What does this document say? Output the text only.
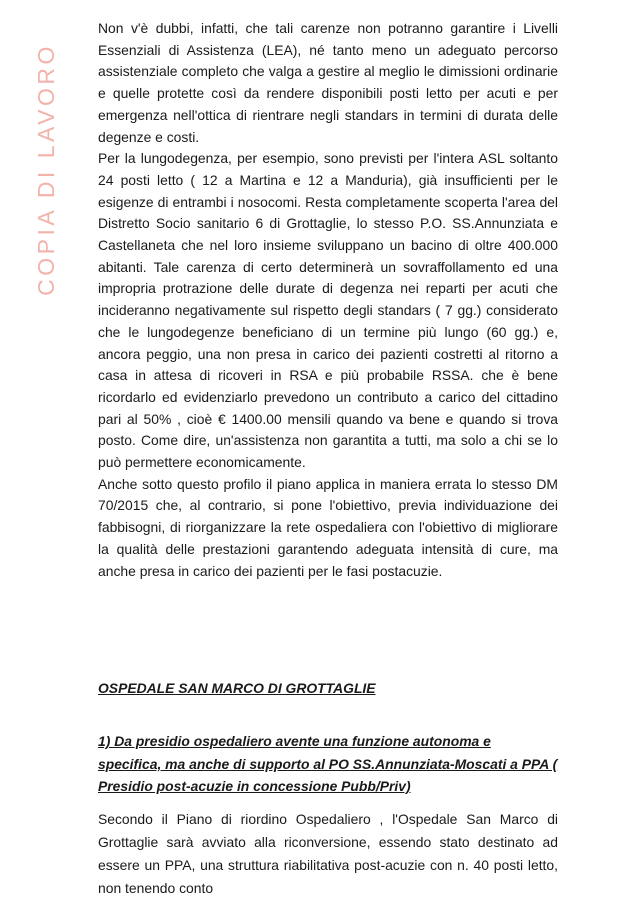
COPIA DI LAVORO

Non v'è dubbi, infatti, che tali carenze non potranno garantire i Livelli Essenziali di Assistenza (LEA), né tanto meno un adeguato percorso assistenziale completo che valga a gestire al meglio le dimissioni ordinarie e quelle protette così da rendere disponibili posti letto per acuti e per emergenza nell'ottica di rientrare negli standars in termini di durata delle degenze e costi.

Per la lungodegenza, per esempio, sono previsti per l'intera ASL soltanto 24 posti letto ( 12 a Martina e 12 a Manduria), già insufficienti per le esigenze di entrambi i nosocomi. Resta completamente scoperta l'area del Distretto Socio sanitario 6 di Grottaglie, lo stesso P.O. SS.Annunziata e Castellaneta che nel loro insieme sviluppano un bacino di oltre 400.000 abitanti. Tale carenza di certo determinerà un sovraffollamento ed una impropria protrazione delle durate di degenza nei reparti per acuti che incideranno negativamente sul rispetto degli standars ( 7 gg.) considerato che le lungodegenze beneficiano di un termine più lungo (60 gg.) e, ancora peggio, una non presa in carico dei pazienti costretti al ritorno a casa in attesa di ricoveri in RSA e più probabile RSSA. che è bene ricordarlo ed evidenziarlo prevedono un contributo a carico del cittadino pari al 50% , cioè € 1400.00 mensili quando va bene e quando si trova posto. Come dire, un'assistenza non garantita a tutti, ma solo a chi se lo può permettere economicamente.

Anche sotto questo profilo il piano applica in maniera errata lo stesso DM 70/2015 che, al contrario, si pone l'obiettivo, previa individuazione dei fabbisogni, di riorganizzare la rete ospedaliera con l'obiettivo di migliorare la qualità delle prestazioni garantendo adeguata intensità di cure, ma anche presa in carico dei pazienti per le fasi postacuzie.

OSPEDALE SAN MARCO DI GROTTAGLIE

1) Da presidio ospedaliero avente una funzione autonoma e specifica, ma anche di supporto al PO SS.Annunziata-Moscati a PPA ( Presidio post-acuzie in concessione Pubb/Priv)

Secondo il Piano di riordino Ospedaliero , l'Ospedale San Marco di Grottaglie sarà avviato alla riconversione, essendo stato destinato ad essere un PPA, una struttura riabilitativa post-acuzie con n. 40 posti letto, non tenendo conto
